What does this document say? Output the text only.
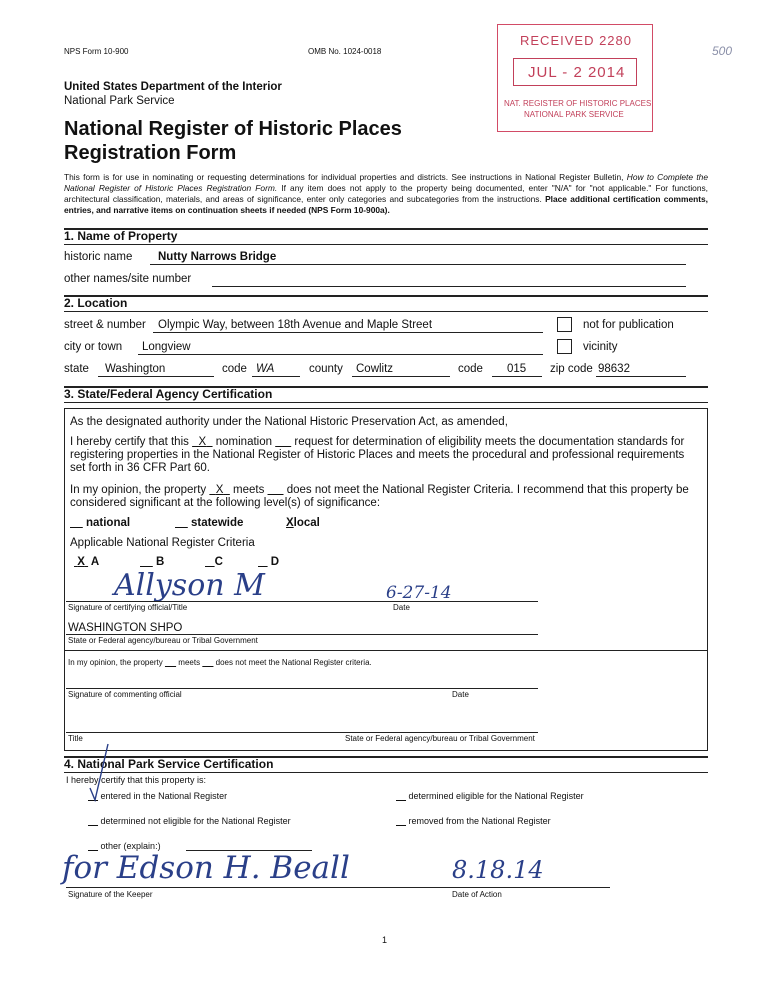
NPS Form 10-900	OMB No. 1024-0018	500
United States Department of the Interior
National Park Service
National Register of Historic Places
Registration Form
RECEIVED 2280
JUL - 2 2014
NAT. REGISTER OF HISTORIC PLACES
NATIONAL PARK SERVICE
This form is for use in nominating or requesting determinations for individual properties and districts. See instructions in National Register Bulletin, How to Complete the National Register of Historic Places Registration Form. If any item does not apply to the property being documented, enter "N/A" for "not applicable." For functions, architectural classification, materials, and areas of significance, enter only categories and subcategories from the instructions. Place additional certification comments, entries, and narrative items on continuation sheets if needed (NPS Form 10-900a).
1. Name of Property
historic name Nutty Narrows Bridge
other names/site number
2. Location
street & number Olympic Way, between 18th Avenue and Maple Street	not for publication
city or town Longview	vicinity
state Washington	code WA	county Cowlitz	code 015 zip code 98632
3. State/Federal Agency Certification
As the designated authority under the National Historic Preservation Act, as amended,
I hereby certify that this   X   nomination       request for determination of eligibility meets the documentation standards for registering properties in the National Register of Historic Places and meets the procedural and professional requirements set forth in 36 CFR Part 60.
In my opinion, the property   X   meets       does not meet the National Register Criteria. I recommend that this property be considered significant at the following level(s) of significance:
national	statewide	Xlocal
Applicable National Register Criteria
X A	B	C	D
Allyson M	6-27-14
Signature of certifying official/Title	Date
WASHINGTON SHPO
State or Federal agency/bureau or Tribal Government
In my opinion, the property       meets       does not meet the National Register criteria.
Signature of commenting official	Date
Title	State or Federal agency/bureau or Tribal Government
4. National Park Service Certification
I hereby certify that this property is:
entered in the National Register	determined eligible for the National Register
determined not eligible for the National Register	removed from the National Register
other (explain:)
for Edson H. Beall	8.18.14
Signature of the Keeper	Date of Action
1
